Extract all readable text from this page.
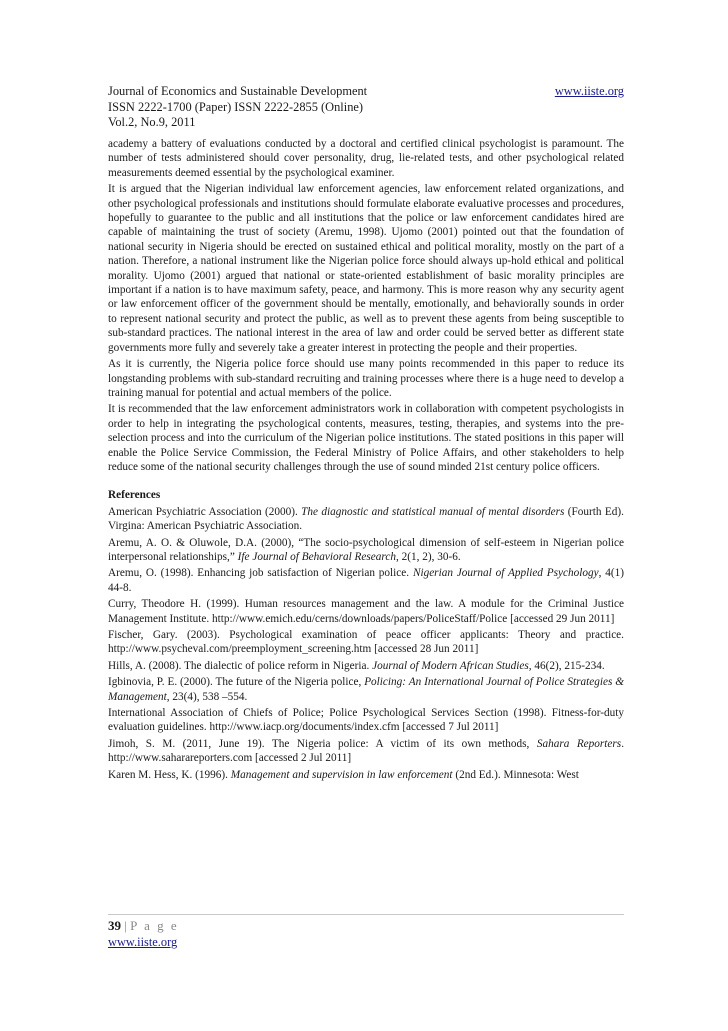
Journal of Economics and Sustainable Development	www.iiste.org
ISSN 2222-1700 (Paper) ISSN 2222-2855 (Online)
Vol.2, No.9, 2011

academy a battery of evaluations conducted by a doctoral and certified clinical psychologist is paramount. The number of tests administered should cover personality, drug, lie-related tests, and other psychological related measurements deemed essential by the psychological examiner.

It is argued that the Nigerian individual law enforcement agencies, law enforcement related organizations, and other psychological professionals and institutions should formulate elaborate evaluative processes and procedures, hopefully to guarantee to the public and all institutions that the police or law enforcement candidates hired are capable of maintaining the trust of society (Aremu, 1998). Ujomo (2001) pointed out that the foundation of national security in Nigeria should be erected on sustained ethical and political morality, mostly on the part of a nation. Therefore, a national instrument like the Nigerian police force should always up-hold ethical and political morality. Ujomo (2001) argued that national or state-oriented establishment of basic morality principles are important if a nation is to have maximum safety, peace, and harmony. This is more reason why any security agent or law enforcement officer of the government should be mentally, emotionally, and behaviorally sounds in order to represent national security and protect the public, as well as to prevent these agents from being susceptible to sub-standard practices. The national interest in the area of law and order could be served better as different state governments more fully and severely take a greater interest in protecting the people and their properties.

As it is currently, the Nigeria police force should use many points recommended in this paper to reduce its longstanding problems with sub-standard recruiting and training processes where there is a huge need to develop a training manual for potential and actual members of the police.

It is recommended that the law enforcement administrators work in collaboration with competent psychologists in order to help in integrating the psychological contents, measures, testing, therapies, and systems into the pre-selection process and into the curriculum of the Nigerian police institutions. The stated positions in this paper will enable the Police Service Commission, the Federal Ministry of Police Affairs, and other stakeholders to help reduce some of the national security challenges through the use of sound minded 21st century police officers.

References
American Psychiatric Association (2000). The diagnostic and statistical manual of mental disorders (Fourth Ed). Virgina: American Psychiatric Association.
Aremu, A. O. & Oluwole, D.A. (2000), “The socio-psychological dimension of self-esteem in Nigerian police interpersonal relationships,” Ife Journal of Behavioral Research, 2(1, 2), 30-6.
Aremu, O. (1998). Enhancing job satisfaction of Nigerian police. Nigerian Journal of Applied Psychology, 4(1) 44-8.
Curry, Theodore H. (1999). Human resources management and the law. A module for the Criminal Justice Management Institute. http://www.emich.edu/cerns/downloads/papers/PoliceStaff/Police [accessed 29 Jun 2011]
Fischer, Gary. (2003). Psychological examination of peace officer applicants: Theory and practice. http://www.psycheval.com/preemployment_screening.htm [accessed 28 Jun 2011]
Hills, A. (2008). The dialectic of police reform in Nigeria. Journal of Modern African Studies, 46(2), 215-234.
Igbinovia, P. E. (2000). The future of the Nigeria police, Policing: An International Journal of Police Strategies & Management, 23(4), 538 –554.
International Association of Chiefs of Police; Police Psychological Services Section (1998). Fitness-for-duty evaluation guidelines. http://www.iacp.org/documents/index.cfm [accessed 7 Jul 2011]
Jimoh, S. M. (2011, June 19). The Nigeria police: A victim of its own methods, Sahara Reporters. http://www.saharareporters.com [accessed 2 Jul 2011]
Karen M. Hess, K. (1996). Management and supervision in law enforcement (2nd Ed.). Minnesota: West
39 | P a g e
www.iiste.org
